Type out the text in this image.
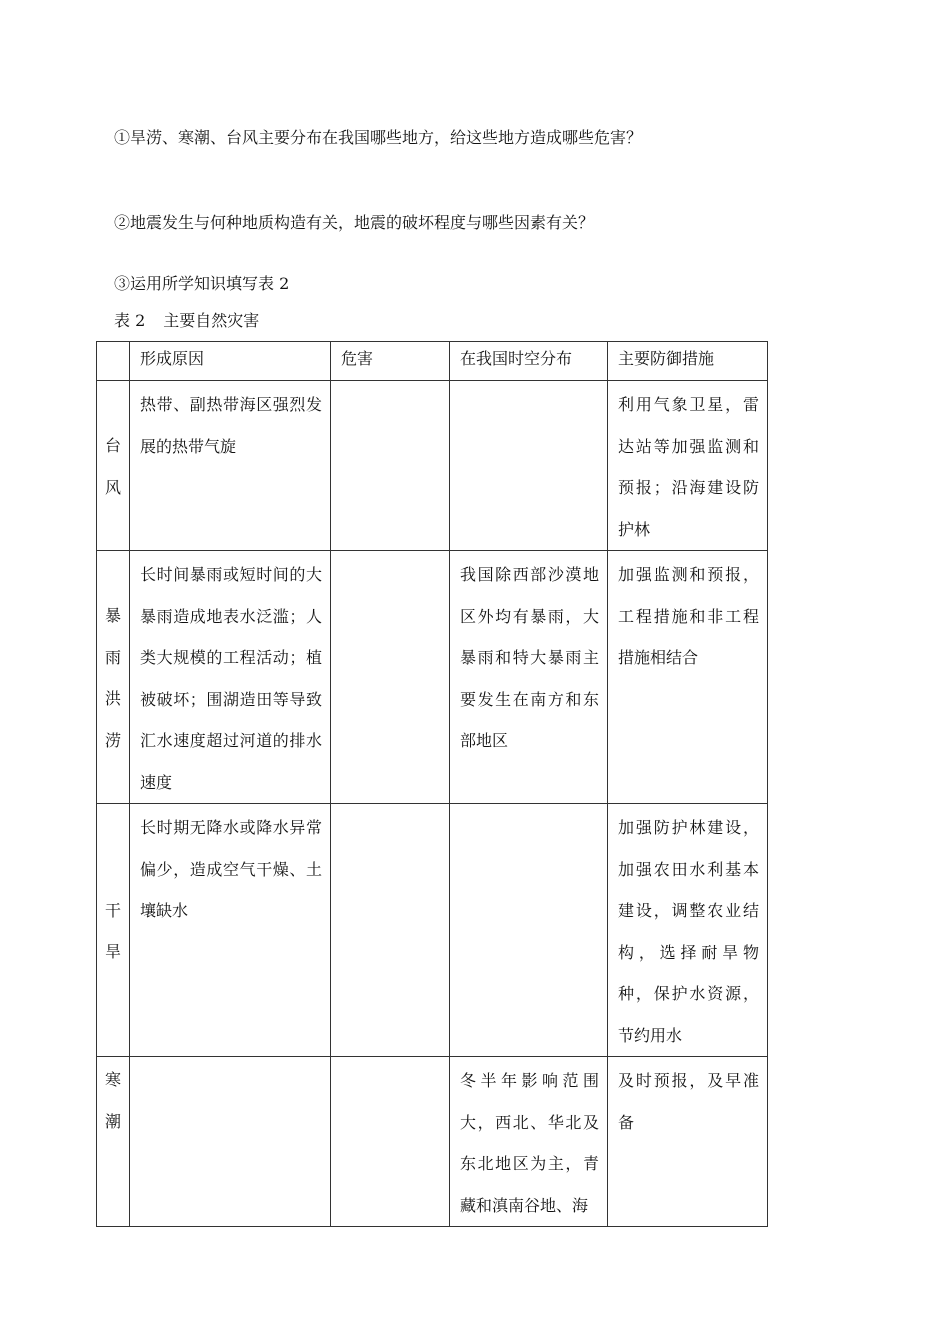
①旱涝、寒潮、台风主要分布在我国哪些地方，给这些地方造成哪些危害？
②地震发生与何种地质构造有关，地震的破坏程度与哪些因素有关？
③运用所学知识填写表 2
表 2 主要自然灾害

	形成原因	危害	在我国时空分布	主要防御措施

台
风	热带、副热带海区强烈发展的热带气旋			利用气象卫星，雷达站等加强监测和预报；沿海建设防护林

暴
雨
洪
涝	长时间暴雨或短时间的大暴雨造成地表水泛滥；人类大规模的工程活动；植被破坏；围湖造田等导致汇水速度超过河道的排水速度		我国除西部沙漠地区外均有暴雨，大暴雨和特大暴雨主要发生在南方和东部地区	加强监测和预报，工程措施和非工程措施相结合

干
旱	长时期无降水或降水异常偏少，造成空气干燥、土壤缺水			加强防护林建设，加强农田水利基本建设，调整农业结构，选择耐旱物种，保护水资源，节约用水

寒
潮			冬半年影响范围大，西北、华北及东北地区为主，青藏和滇南谷地、海	及时预报，及早准备
